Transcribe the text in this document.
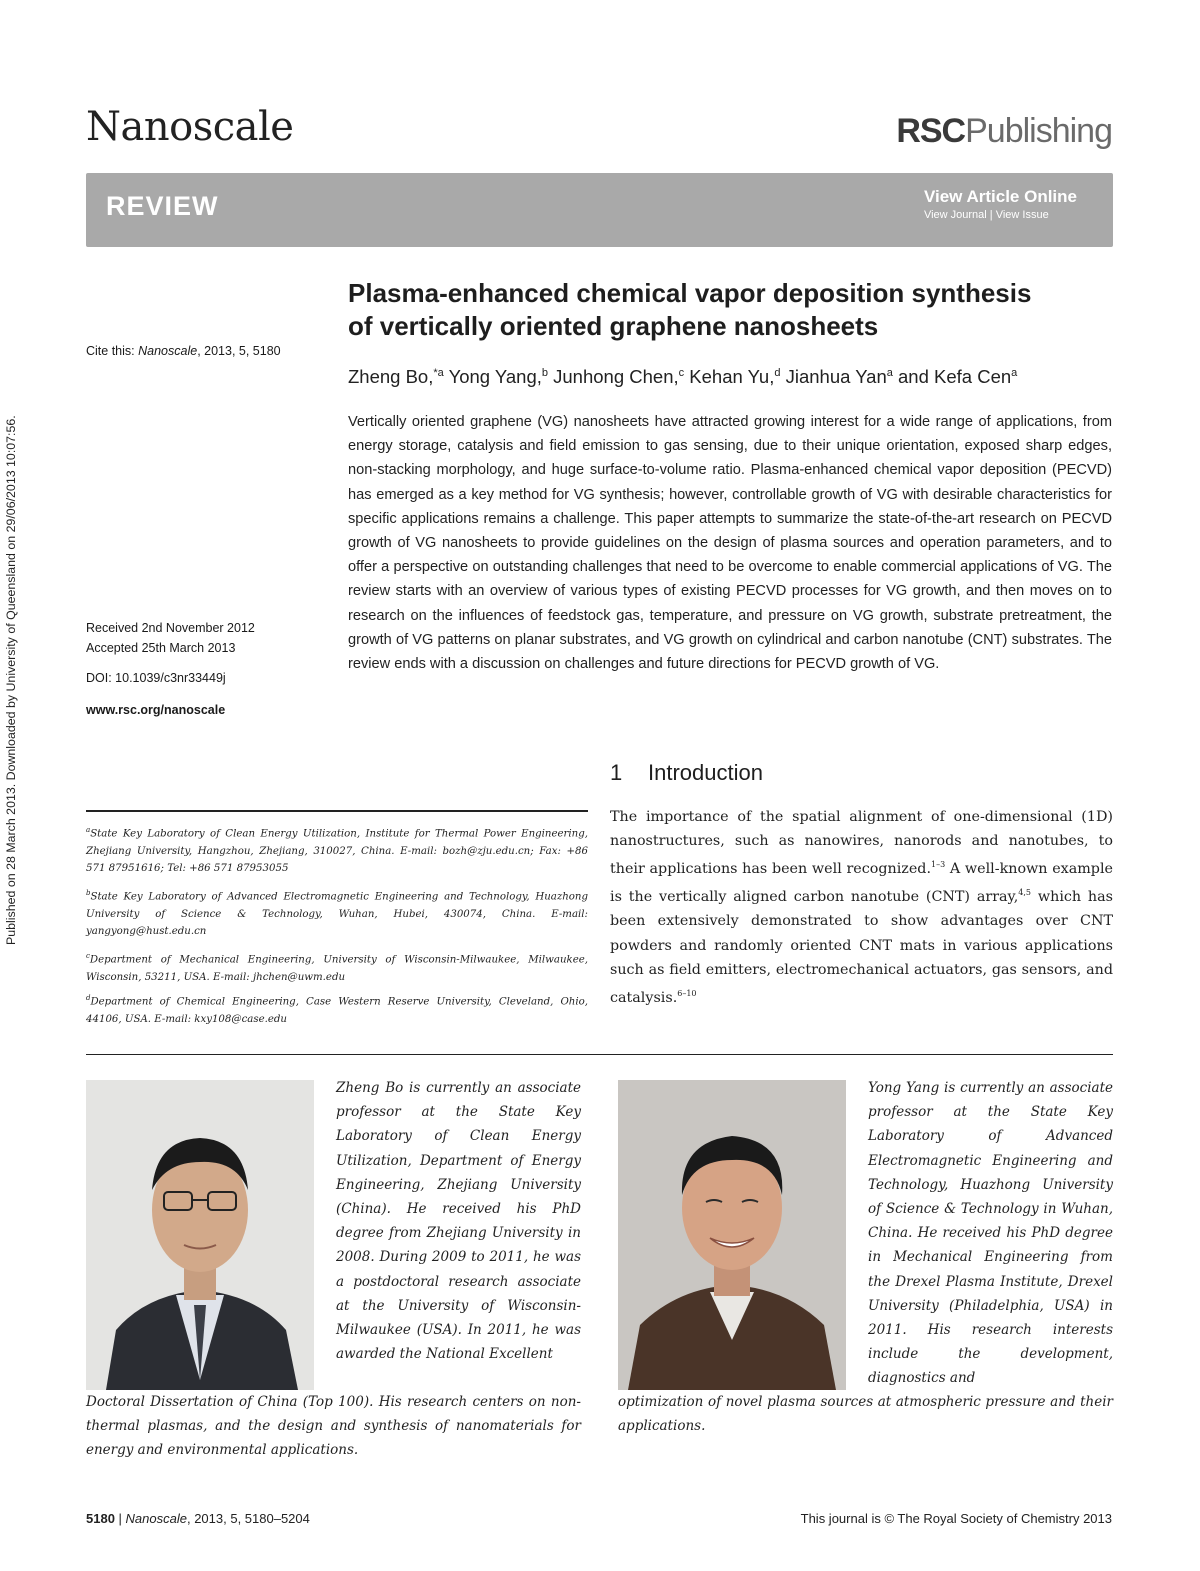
Nanoscale	RSCPublishing
REVIEW	View Article Online
View Journal | View Issue
Published on 28 March 2013. Downloaded by University of Queensland on 29/06/2013 10:07:56.
Cite this: Nanoscale, 2013, 5, 5180
Received 2nd November 2012
Accepted 25th March 2013
DOI: 10.1039/c3nr33449j
www.rsc.org/nanoscale
Plasma-enhanced chemical vapor deposition synthesis
of vertically oriented graphene nanosheets
Zheng Bo,$^{*a}$ Yong Yang,$^b$ Junhong Chen,$^c$ Kehan Yu,$^d$ Jianhua Yan$^a$ and Kefa Cen$^a$
Vertically oriented graphene (VG) nanosheets have attracted growing interest for a wide range of applications, from energy storage, catalysis and field emission to gas sensing, due to their unique orientation, exposed sharp edges, non-stacking morphology, and huge surface-to-volume ratio. Plasma-enhanced chemical vapor deposition (PECVD) has emerged as a key method for VG synthesis; however, controllable growth of VG with desirable characteristics for specific applications remains a challenge. This paper attempts to summarize the state-of-the-art research on PECVD growth of VG nanosheets to provide guidelines on the design of plasma sources and operation parameters, and to offer a perspective on outstanding challenges that need to be overcome to enable commercial applications of VG. The review starts with an overview of various types of existing PECVD processes for VG growth, and then moves on to research on the influences of feedstock gas, temperature, and pressure on VG growth, substrate pretreatment, the growth of VG patterns on planar substrates, and VG growth on cylindrical and carbon nanotube (CNT) substrates. The review ends with a discussion on challenges and future directions for PECVD growth of VG.
1 Introduction
The importance of the spatial alignment of one-dimensional (1D) nanostructures, such as nanowires, nanorods and nanotubes, to their applications has been well recognized.$^{1-3}$ A well-known example is the vertically aligned carbon nanotube (CNT) array,$^{4,5}$ which has been extensively demonstrated to show advantages over CNT powders and randomly oriented CNT mats in various applications such as field emitters, electromechanical actuators, gas sensors, and catalysis.$^{6-10}$
$^a$State Key Laboratory of Clean Energy Utilization, Institute for Thermal Power Engineering, Zhejiang University, Hangzhou, Zhejiang, 310027, China. E-mail: bozh@zju.edu.cn; Fax: +86 571 87951616; Tel: +86 571 87953055
$^b$State Key Laboratory of Advanced Electromagnetic Engineering and Technology, Huazhong University of Science & Technology, Wuhan, Hubei, 430074, China. E-mail: yangyong@hust.edu.cn
$^c$Department of Mechanical Engineering, University of Wisconsin-Milwaukee, Milwaukee, Wisconsin, 53211, USA. E-mail: jhchen@uwm.edu
$^d$Department of Chemical Engineering, Case Western Reserve University, Cleveland, Ohio, 44106, USA. E-mail: kxy108@case.edu
Zheng Bo is currently an associate professor at the State Key Laboratory of Clean Energy Utilization, Department of Energy Engineering, Zhejiang University (China). He received his PhD degree from Zhejiang University in 2008. During 2009 to 2011, he was a postdoctoral research associate at the University of Wisconsin-Milwaukee (USA). In 2011, he was awarded the National Excellent
Doctoral Dissertation of China (Top 100). His research centers on non-thermal plasmas, and the design and synthesis of nanomaterials for energy and environmental applications.
Yong Yang is currently an associate professor at the State Key Laboratory of Advanced Electromagnetic Engineering and Technology, Huazhong University of Science & Technology in Wuhan, China. He received his PhD degree in Mechanical Engineering from the Drexel Plasma Institute, Drexel University (Philadelphia, USA) in 2011. His research interests include the development, diagnostics and
optimization of novel plasma sources at atmospheric pressure and their applications.
5180 | Nanoscale, 2013, 5, 5180–5204	This journal is © The Royal Society of Chemistry 2013
